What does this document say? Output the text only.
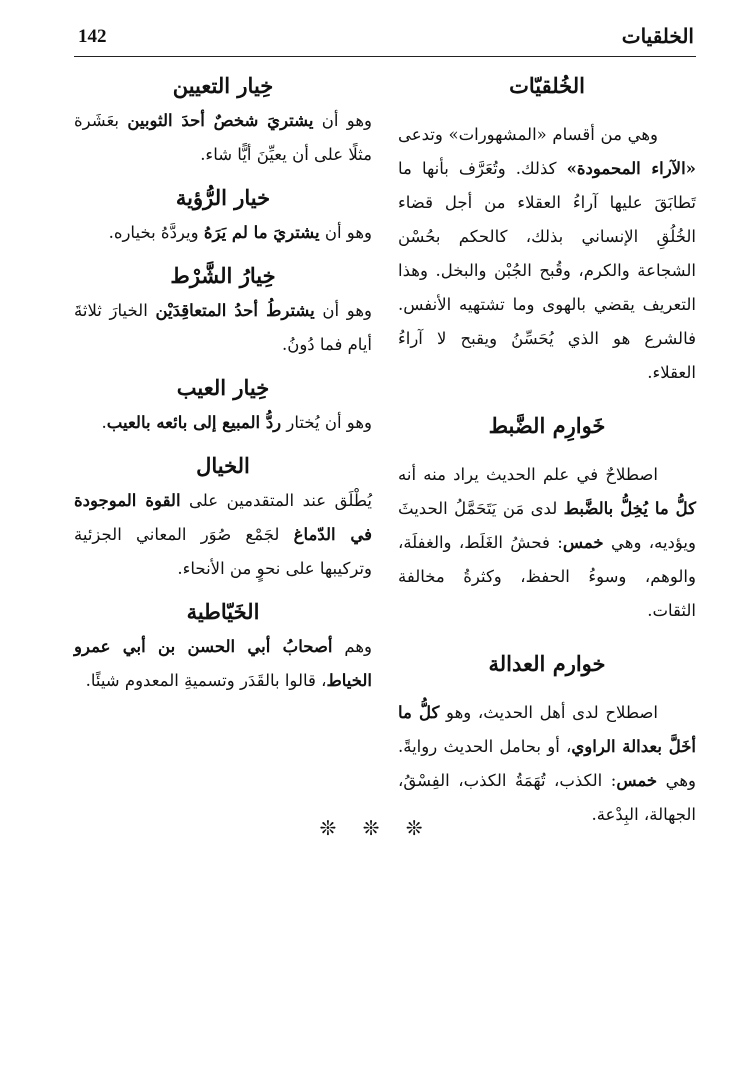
142	الخلقيات
الخُلقيّات

وهي من أقسام «المشهورات» وتدعى «الآراء المحمودة» كذلك. وتُعَرَّف بأنها ما تَطابَقَ عليها آراءُ العقلاء من أجل قضاء الخُلُقِ الإنساني بذلك، كالحكم بحُسْن الشجاعة والكرم، وقُبح الجُبْن والبخل. وهذا التعريف يقضي بالهوى وما تشتهيه الأنفس. فالشرع هو الذي يُحَسِّنُ ويقبح لا آراءُ العقلاء.

خَوارِم الضَّبط

اصطلاحٌ في علم الحديث يراد منه أنه كلُّ ما يُخِلُّ بالضَّبط لدى مَن يَتَحَمَّلُ الحديثَ ويؤديه، وهي خمس: فحشُ الغَلَط، والغفلَة، والوهم، وسوءُ الحفظ، وكثرةُ مخالفة الثقات.

خوارم العدالة

اصطلاح لدى أهل الحديث، وهو كلُّ ما أخَلَّ بعدالة الراوي، أو بحامل الحديث روايةً. وهي خمس: الكذب، تُهَمَةُ الكذب، الفِسْقُ، الجهالة، البِدْعة.

خِيار التعيين

وهو أن يشتريَ شخصٌ أحدَ الثوبين بعَشَرة مثلًا على أن يعيِّنَ أيًّا شاء.

خيار الرُّؤية

وهو أن يشتريَ ما لم يَرَهُ ويردَّهُ بخياره.

خِيارُ الشَّرْط

وهو أن يشترطُ أحدُ المتعاقِدَيْن الخيارَ ثلاثةَ أيام فما دُونُ.

خِيار العيب

وهو أن يُختار ردُّ المبيع إلى بائعه بالعيب.

الخيال

يُطْلَق عند المتقدمين على القوة الموجودة في الدّماغ لجَمْع صُوَر المعاني الجزئية وتركيبها على نحوٍ من الأنحاء.

الخَيّاطية

وهم أصحابُ أبي الحسن بن أبي عمرو الخياط، قالوا بالقَدَر وتسميةِ المعدوم شيئًا.

❊ ❊ ❊
